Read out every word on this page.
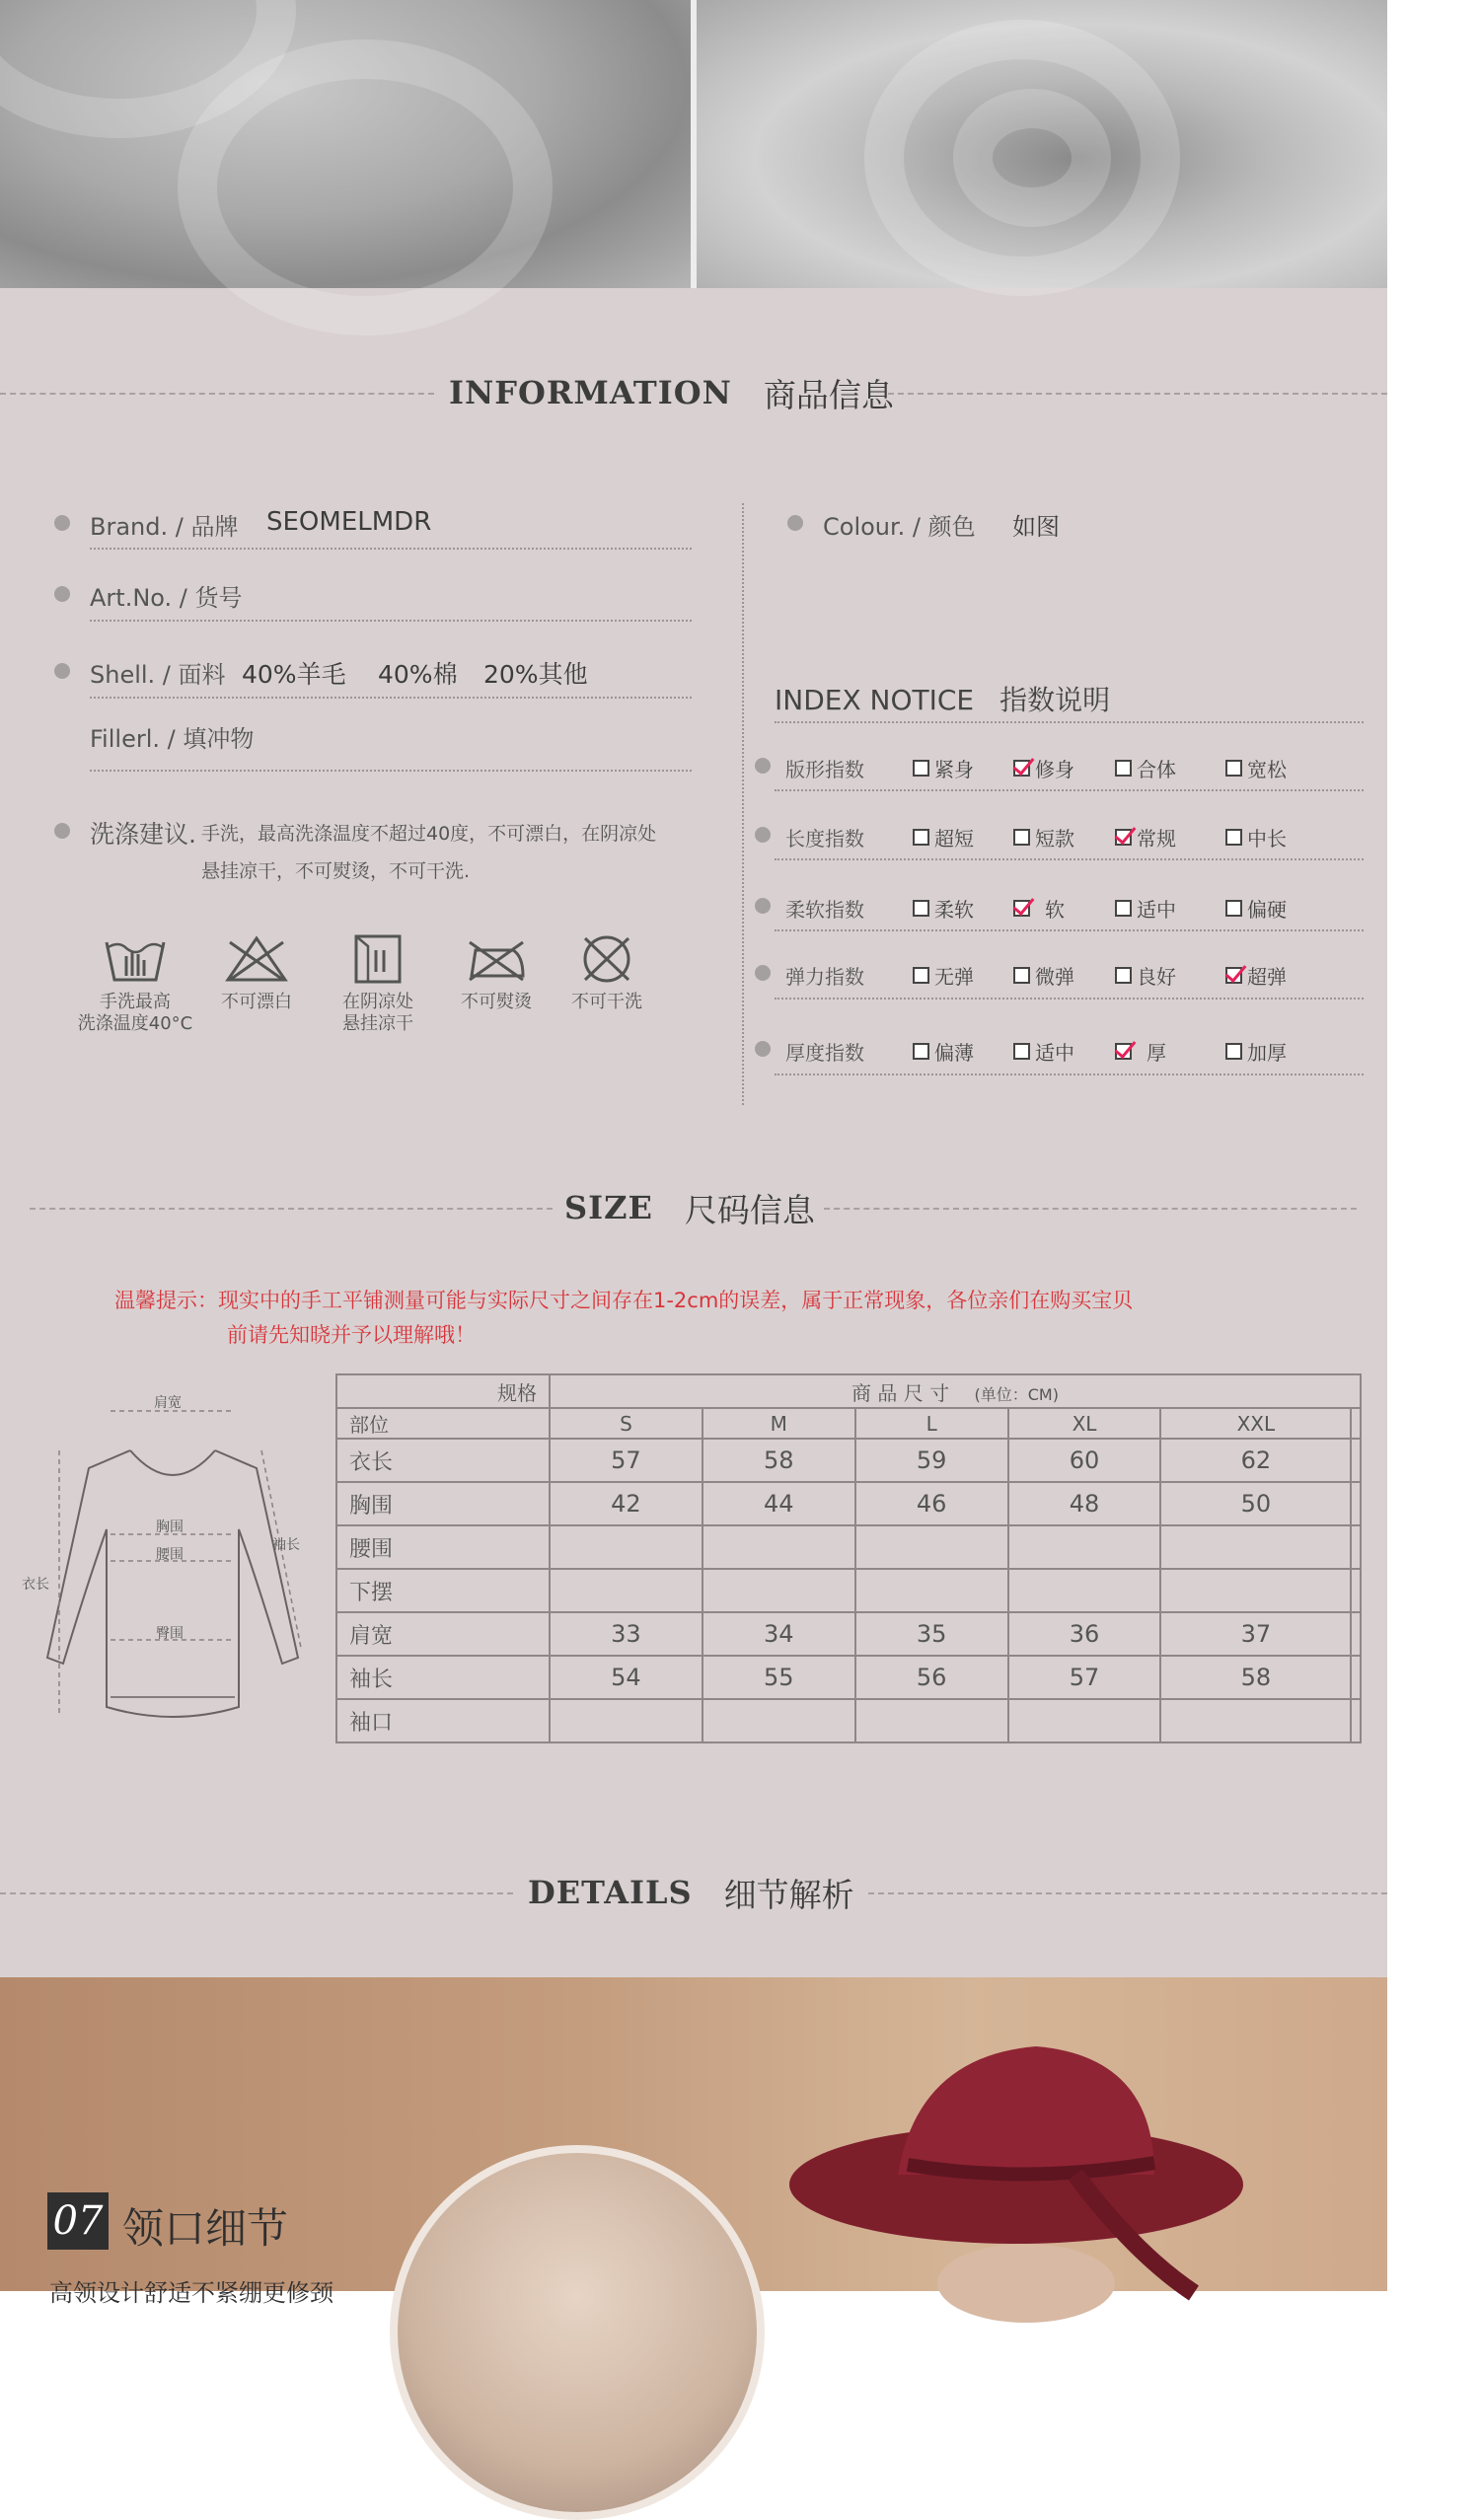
INFORMATION 商品信息
Brand. / 品牌 SEOMELMDR
Art.No. / 货号
Shell. / 面料 40%羊毛 40%棉 20%其他
Fillerl. / 填冲物
洗涤建议. 手洗，最高洗涤温度不超过40度，不可漂白，在阴凉处
悬挂凉干，不可熨烫，不可干洗.
手洗最高
洗涤温度40°C
不可漂白	在阴凉处
悬挂凉干
不可熨烫	不可干洗
Colour. / 颜色 如图
INDEX NOTICE 指数说明
版形指数	紧身	修身	合体	宽松
长度指数	超短	短款	常规	中长
柔软指数	柔软	软	适中	偏硬
弹力指数	无弹	微弹	良好	超弹
厚度指数	偏薄	适中	厚	加厚
SIZE 尺码信息
温馨提示：现实中的手工平铺测量可能与实际尺寸之间存在1-2cm的误差，属于正常现象，各位亲们在购买宝贝
前请先知晓并予以理解哦！
肩宽
胸围
腰围
臀围
袖长
衣长
规格	商 品 尺 寸 (单位：CM)					
部位	S	M	L	XL	XXL	
衣长	57	58	59	60	62	
胸围	42	44	46	48	50	
腰围						
下摆						
肩宽	33	34	35	36	37	
袖长	54	55	56	57	58	
袖口						
DETAILS 细节解析
07 领口细节
高领设计舒适不紧绷更修颈
